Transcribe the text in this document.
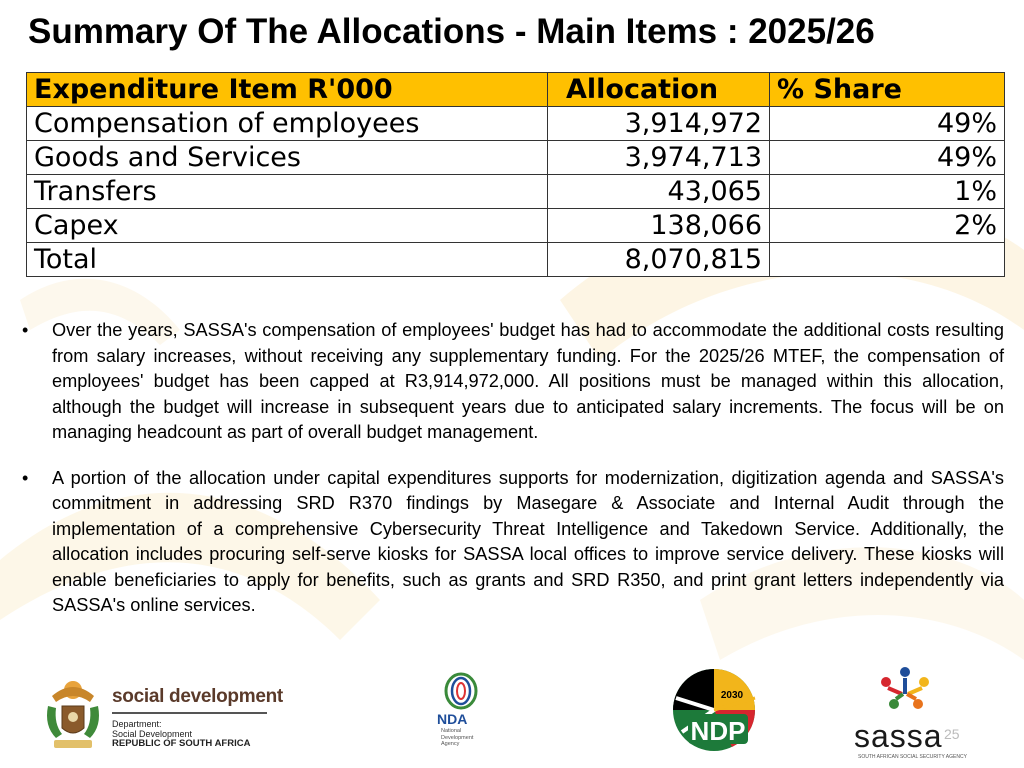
Summary Of The Allocations - Main Items : 2025/26
Expenditure Item R'000	Allocation	% Share
Compensation of employees	3,914,972	49%
Goods and Services	3,974,713	49%
Transfers	43,065	1%
Capex	138,066	2%
Total	8,070,815	
• Over the years, SASSA's compensation of employees' budget has had to accommodate the additional costs resulting from salary increases, without receiving any supplementary funding. For the 2025/26 MTEF, the compensation of employees' budget has been capped at R3,914,972,000. All positions must be managed within this allocation, although the budget will increase in subsequent years due to anticipated salary increments. The focus will be on managing headcount as part of overall budget management.
• A portion of the allocation under capital expenditures supports for modernization, digitization agenda and SASSA's commitment in addressing SRD R370 findings by Masegare & Associate and Internal Audit through the implementation of a comprehensive Cybersecurity Threat Intelligence and Takedown Service. Additionally, the allocation includes procuring self-serve kiosks for SASSA local offices to improve service delivery. These kiosks will enable beneficiaries to apply for benefits, such as grants and SRD R350, and print grant letters independently via SASSA's online services.
social development
Department:
Social Development
REPUBLIC OF SOUTH AFRICA
NDA
National
Development
Agency
2030
NDP	sassa
SOUTH AFRICAN SOCIAL SECURITY AGENCY
25
